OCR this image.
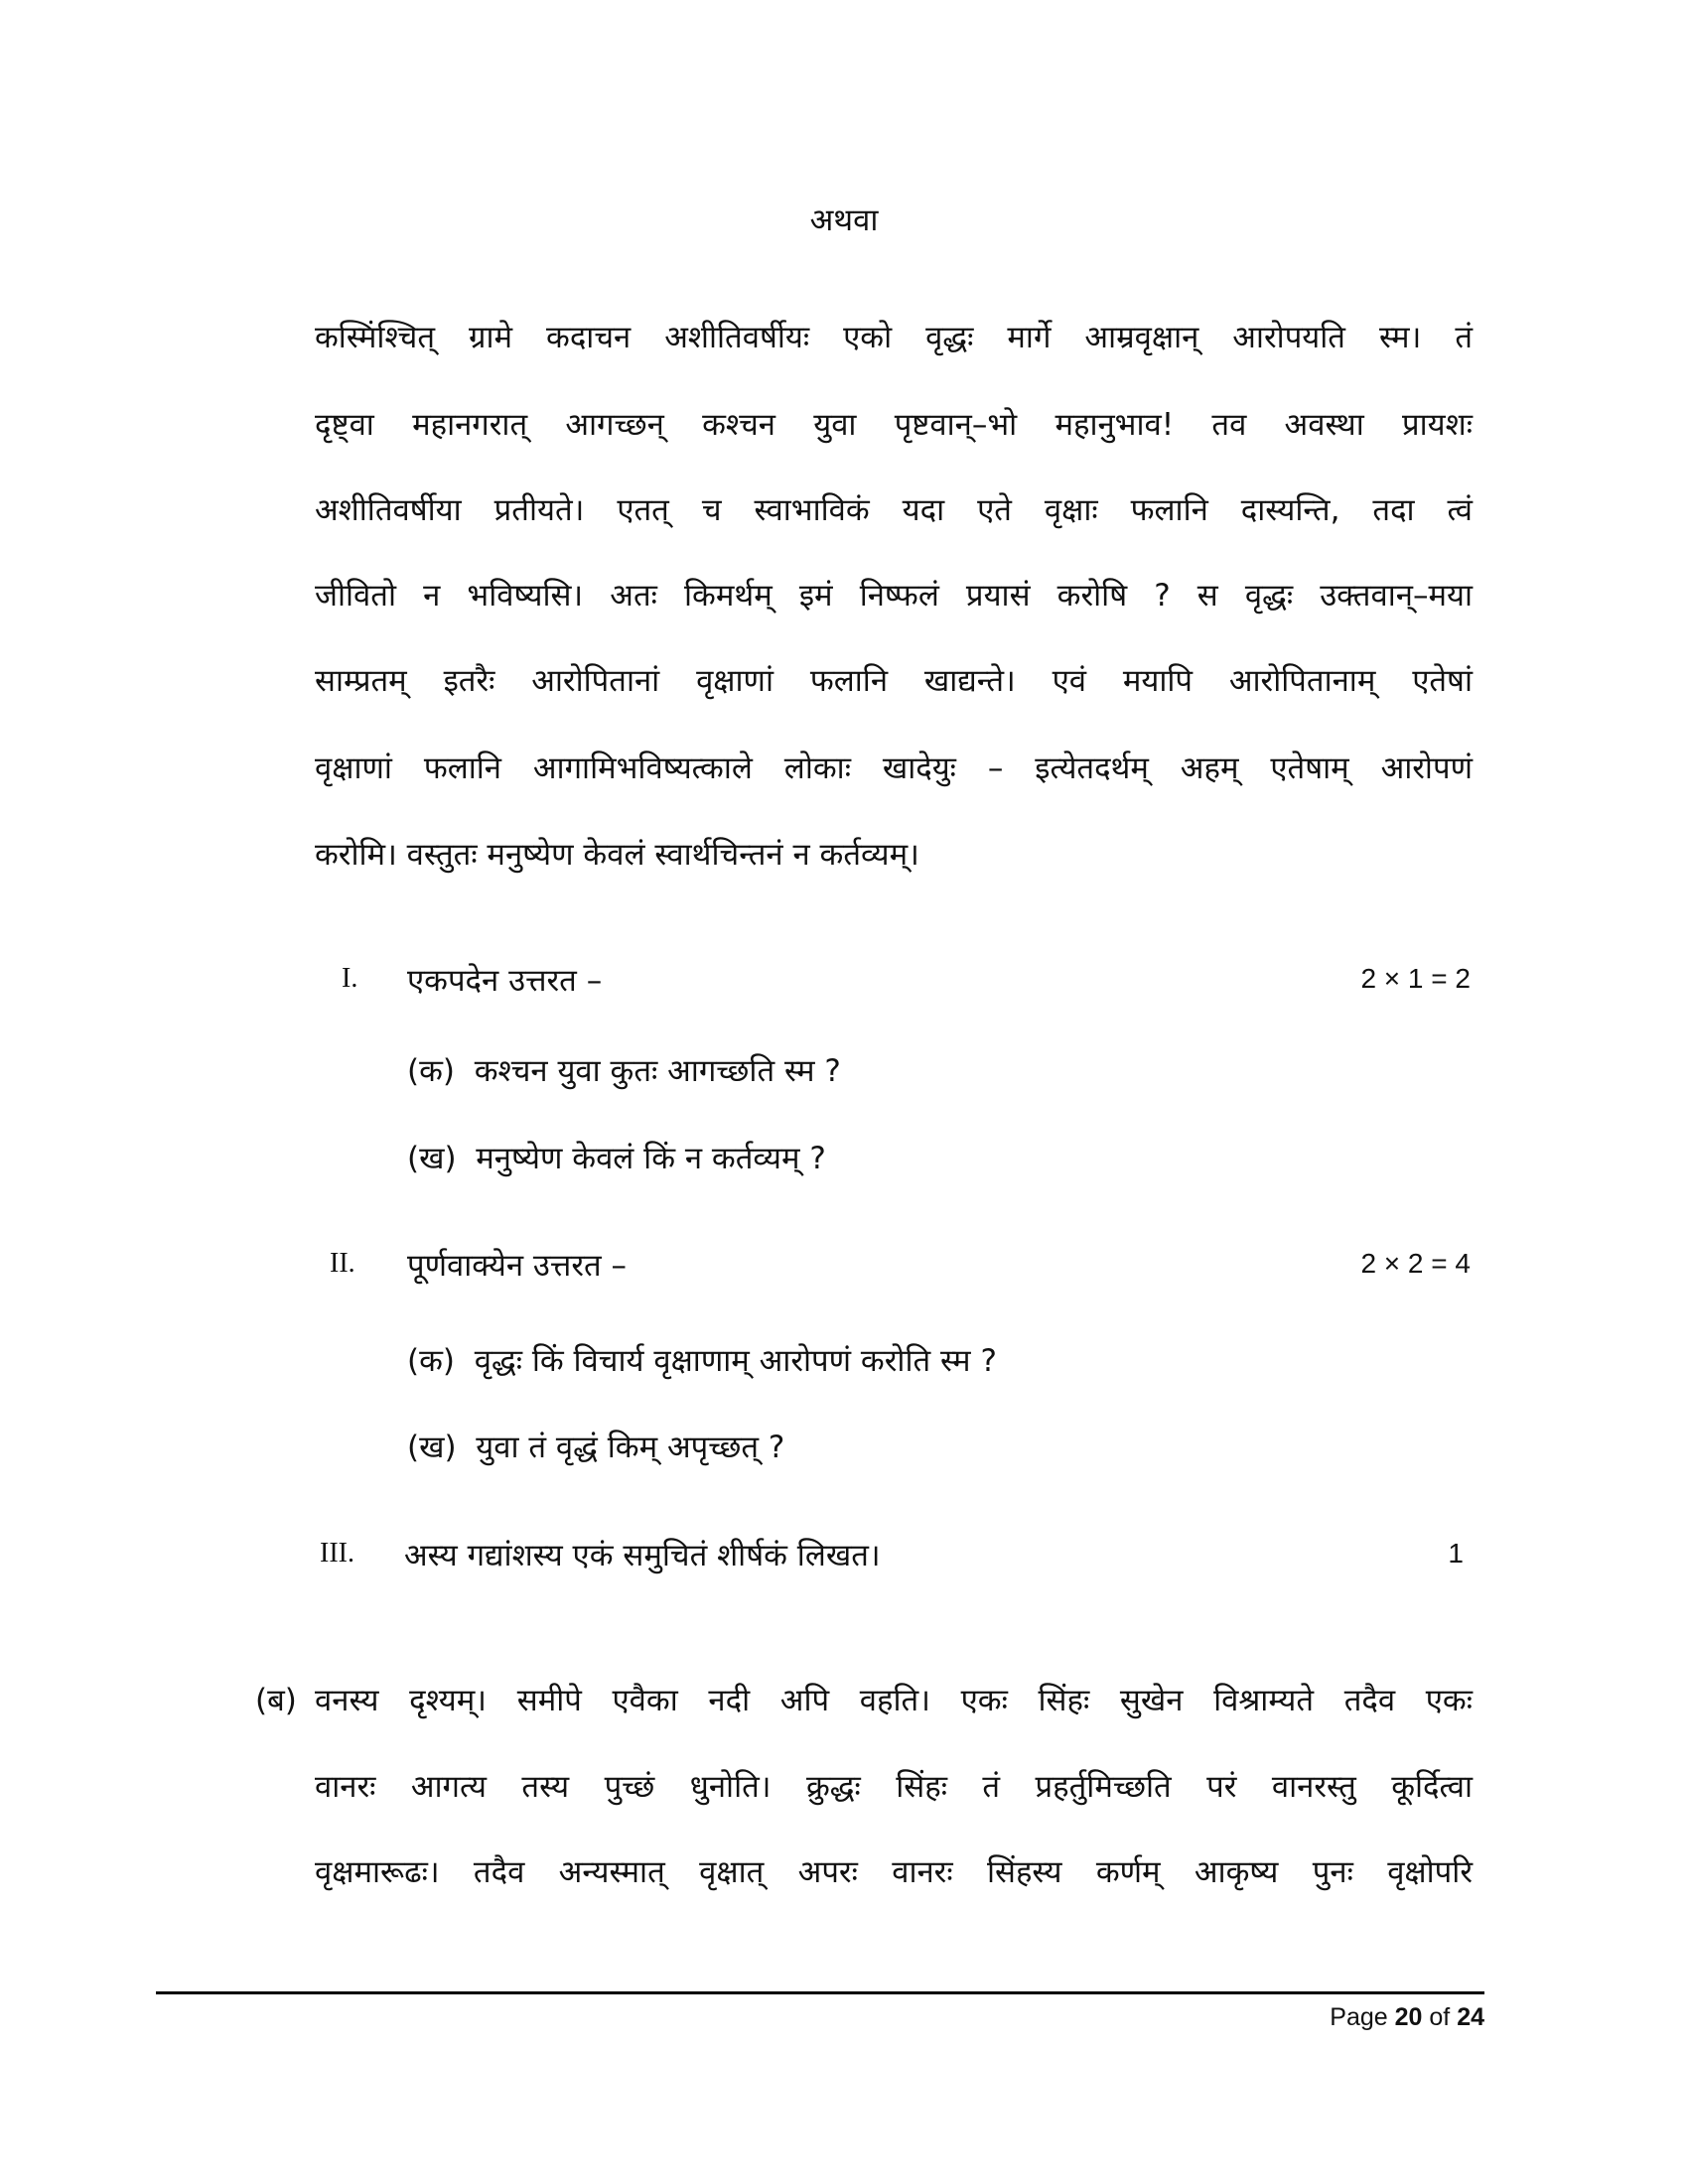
अथवा
कस्मिंश्चित् ग्रामे कदाचन अशीतिवर्षीयः एको वृद्धः मार्गे आम्रवृक्षान् आरोपयति स्म। तं
दृष्ट्वा महानगरात् आगच्छन् कश्चन युवा पृष्टवान्–भो महानुभाव! तव अवस्था प्रायशः
अशीतिवर्षीया प्रतीयते। एतत् च स्वाभाविकं यदा एते वृक्षाः फलानि दास्यन्ति, तदा त्वं
जीवितो न भविष्यसि। अतः किमर्थम् इमं निष्फलं प्रयासं करोषि ? स वृद्धः उक्तवान्–मया
साम्प्रतम् इतरैः आरोपितानां वृक्षाणां फलानि खाद्यन्ते। एवं मयापि आरोपितानाम् एतेषां
वृक्षाणां फलानि आगामिभविष्यत्काले लोकाः खादेयुः – इत्येतदर्थम् अहम् एतेषाम् आरोपणं
करोमि। वस्तुतः मनुष्येण केवलं स्वार्थचिन्तनं न कर्तव्यम्।
I. एकपदेन उत्तरत –	2 × 1 = 2
(क) कश्चन युवा कुतः आगच्छति स्म ?
(ख) मनुष्येण केवलं किं न कर्तव्यम् ?
II. पूर्णवाक्येन उत्तरत –	2 × 2 = 4
(क) वृद्धः किं विचार्य वृक्षाणाम् आरोपणं करोति स्म ?
(ख) युवा तं वृद्धं किम् अपृच्छत् ?
III. अस्य गद्यांशस्य एकं समुचितं शीर्षकं लिखत।	1
(ब) वनस्य दृश्यम्। समीपे एवैका नदी अपि वहति। एकः सिंहः सुखेन विश्राम्यते तदैव एकः
वानरः आगत्य तस्य पुच्छं धुनोति। क्रुद्धः सिंहः तं प्रहर्तुमिच्छति परं वानरस्तु कूर्दित्वा
वृक्षमारूढः। तदैव अन्यस्मात् वृक्षात् अपरः वानरः सिंहस्य कर्णम् आकृष्य पुनः वृक्षोपरि
Page 20 of 24
